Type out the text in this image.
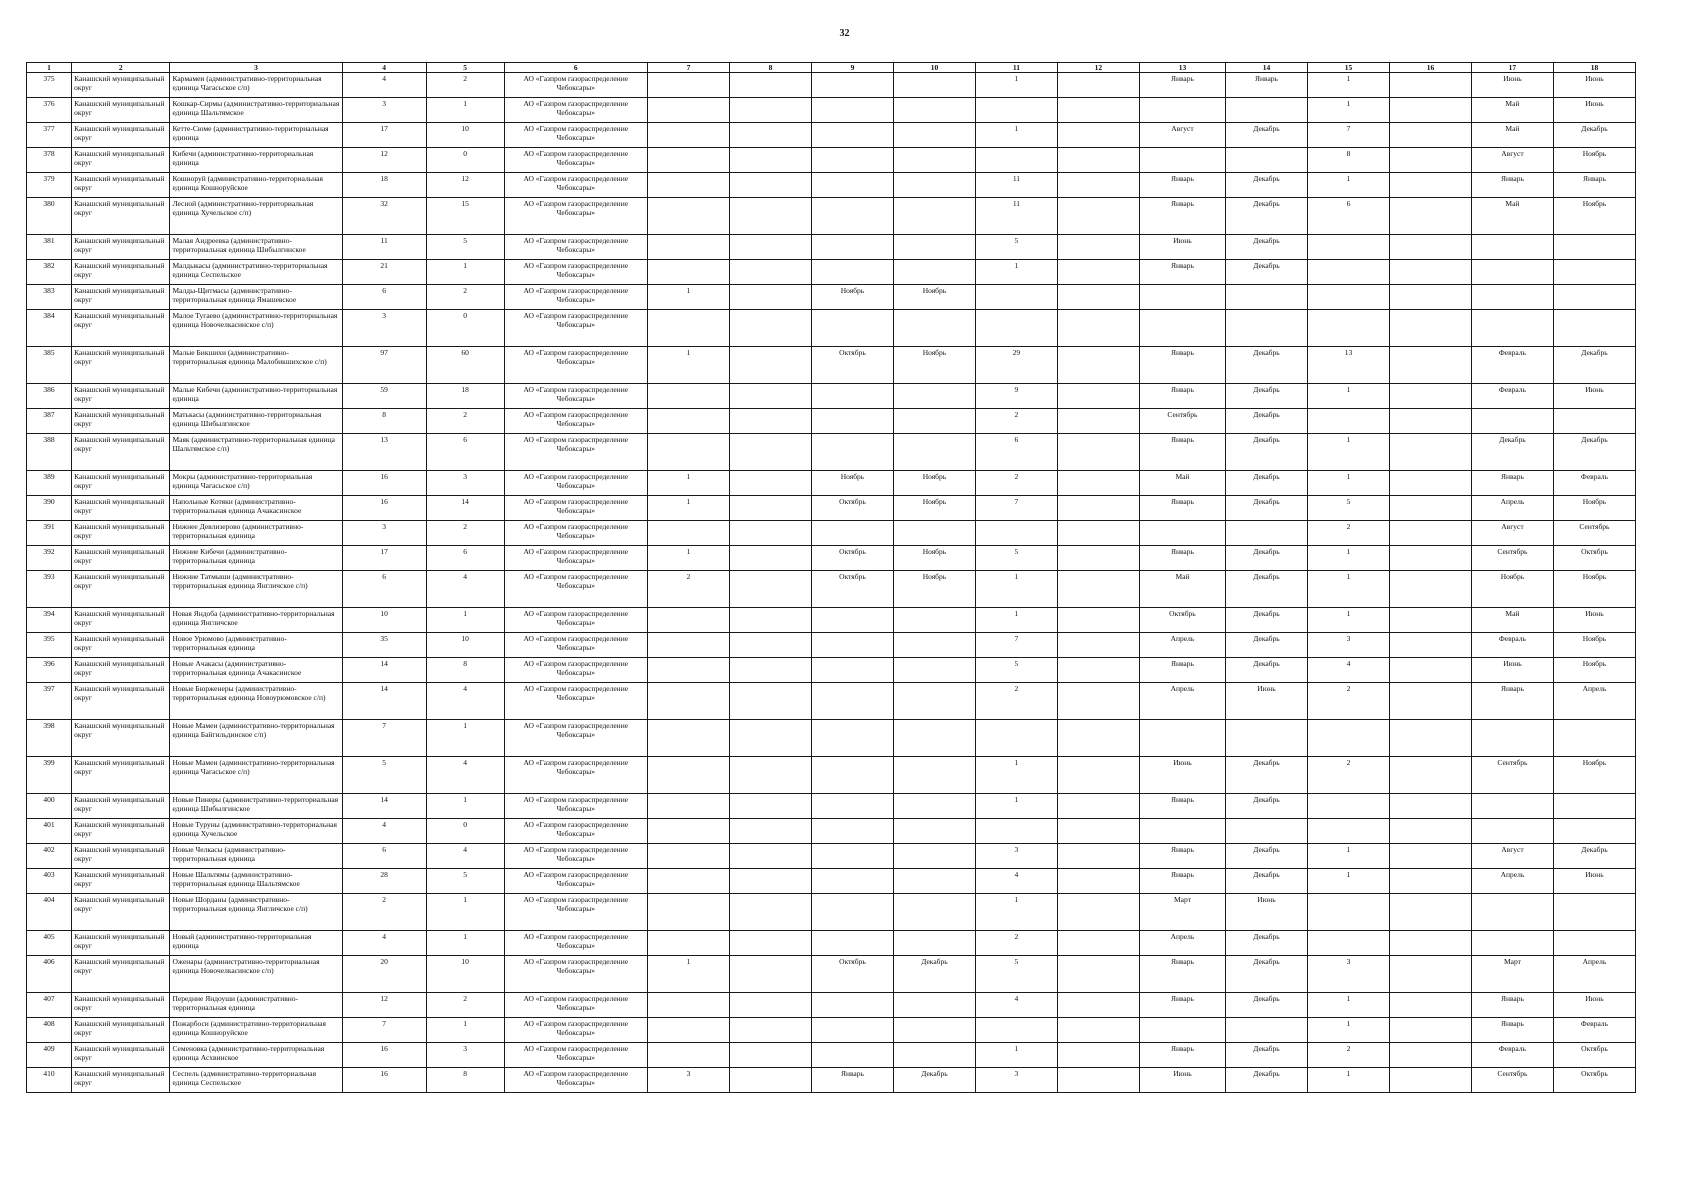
32
1	2	3	4	5	6	7	8	9	10	11	12	13	14	15	16	17	18
375	Канашский муниципальный округ	Кармамеи (административно-территориальная единица Чагасьское с/п)	4	2	АО «Газпром газораспределение Чебоксары»					1		Январь	Январь	1		Июнь	Июнь
376	Канашский муниципальный округ	Кошкар-Сирмы (административно-территориальная единица Шальтямское	3	1	АО «Газпром газораспределение Чебоксары»									1		Май	Июнь
377	Канашский муниципальный округ	Кетте-Сюме (административно-территориальная единица	17	10	АО «Газпром газораспределение Чебоксары»					1		Август	Декабрь	7		Май	Декабрь
378	Канашский муниципальный округ	Кибечи (административно-территориальная единица	12	0	АО «Газпром газораспределение Чебоксары»									8		Август	Ноябрь
379	Канашский муниципальный округ	Кошноруй (административно-территориальная единица Кошноруйское	18	12	АО «Газпром газораспределение Чебоксары»					11		Январь	Декабрь	1		Январь	Январь
380	Канашский муниципальный округ	Лесной (административно-территориальная единица Хучельское с/п)	32	15	АО «Газпром газораспределение Чебоксары»					11		Январь	Декабрь	6		Май	Ноябрь
381	Канашский муниципальный округ	Малая Андреевка (административно-территориальная единица Шибылгинское	11	5	АО «Газпром газораспределение Чебоксары»					5		Июнь	Декабрь				
382	Канашский муниципальный округ	Малдыкасы (административно-территориальная единица Сеспельское	21	1	АО «Газпром газораспределение Чебоксары»					1		Январь	Декабрь				
383	Канашский муниципальный округ	Малды-Щитмасы (административно-территориальная единица Ямашевское	6	2	АО «Газпром газораспределение Чебоксары»	1		Ноябрь	Ноябрь								
384	Канашский муниципальный округ	Малое Тугаево (административно-территориальная единица Новочелкасинское с/п)	3	0	АО «Газпром газораспределение Чебоксары»												
385	Канашский муниципальный округ	Малые Бикшихи (административно-территориальная единица Малобикшихское с/п)	97	60	АО «Газпром газораспределение Чебоксары»	1		Октябрь	Ноябрь	29		Январь	Декабрь	13		Февраль	Декабрь
386	Канашский муниципальный округ	Малые Кибечи (административно-территориальная единица	59	18	АО «Газпром газораспределение Чебоксары»					9		Январь	Декабрь	1		Февраль	Июнь
387	Канашский муниципальный округ	Матькасы (административно-территориальная единица Шибылгинское	8	2	АО «Газпром газораспределение Чебоксары»					2		Сентябрь	Декабрь				
388	Канашский муниципальный округ	Маяк (административно-территориальная единица Шальтямское с/п)	13	6	АО «Газпром газораспределение Чебоксары»					6		Январь	Декабрь	1		Декабрь	Декабрь
389	Канашский муниципальный округ	Мокры (административно-территориальная единица Чагасьское с/п)	16	3	АО «Газпром газораспределение Чебоксары»	1		Ноябрь	Ноябрь	2		Май	Декабрь	1		Январь	Февраль
390	Канашский муниципальный округ	Напольные Котяки (административно-территориальная единица Ачакасинское	16	14	АО «Газпром газораспределение Чебоксары»	1		Октябрь	Ноябрь	7		Январь	Декабрь	5		Апрель	Ноябрь
391	Канашский муниципальный округ	Нижнее Девлизерово (административно-территориальная единица	3	2	АО «Газпром газораспределение Чебоксары»									2		Август	Сентябрь
392	Канашский муниципальный округ	Нижние Кибечи (административно-территориальная единица	17	6	АО «Газпром газораспределение Чебоксары»	1		Октябрь	Ноябрь	5		Январь	Декабрь	1		Сентябрь	Октябрь
393	Канашский муниципальный округ	Нижние Татмыши (административно-территориальная единица Янгличское с/п)	6	4	АО «Газпром газораспределение Чебоксары»	2		Октябрь	Ноябрь	1		Май	Декабрь	1		Ноябрь	Ноябрь
394	Канашский муниципальный округ	Новая Яндоба (административно-территориальная единица Янгличское	10	1	АО «Газпром газораспределение Чебоксары»					1		Октябрь	Декабрь	1		Май	Июнь
395	Канашский муниципальный округ	Новое Урюмово (административно-территориальная единица	35	10	АО «Газпром газораспределение Чебоксары»					7		Апрель	Декабрь	3		Февраль	Ноябрь
396	Канашский муниципальный округ	Новые Ачакасы (административно-территориальная единица Ачакасинское	14	8	АО «Газпром газораспределение Чебоксары»					5		Январь	Декабрь	4		Июнь	Ноябрь
397	Канашский муниципальный округ	Новые Бюрженеры (административно-территориальная единица Новоурюмовское с/п)	14	4	АО «Газпром газораспределение Чебоксары»					2		Апрель	Июнь	2		Январь	Апрель
398	Канашский муниципальный округ	Новые Мамеи (административно-территориальная единица Байгильдинское с/п)	7	1	АО «Газпром газораспределение Чебоксары»												
399	Канашский муниципальный округ	Новые Мамеи (административно-территориальная единица Чагасьское с/п)	5	4	АО «Газпром газораспределение Чебоксары»					1		Июнь	Декабрь	2		Сентябрь	Ноябрь
400	Канашский муниципальный округ	Новые Пинеры (административно-территориальная единица Шибылгинское	14	1	АО «Газпром газораспределение Чебоксары»					1		Январь	Декабрь				
401	Канашский муниципальный округ	Новые Туруны (административно-территориальная единица Хучельское	4	0	АО «Газпром газораспределение Чебоксары»												
402	Канашский муниципальный округ	Новые Челкасы (административно-территориальная единица	6	4	АО «Газпром газораспределение Чебоксары»					3		Январь	Декабрь	1		Август	Декабрь
403	Канашский муниципальный округ	Новые Шальтямы (административно-территориальная единица Шальтямское	28	5	АО «Газпром газораспределение Чебоксары»					4		Январь	Декабрь	1		Апрель	Июнь
404	Канашский муниципальный округ	Новые Шорданы (административно-территориальная единица Янгличское с/п)	2	1	АО «Газпром газораспределение Чебоксары»					1		Март	Июнь				
405	Канашский муниципальный округ	Новый (административно-территориальная единица	4	1	АО «Газпром газораспределение Чебоксары»					2		Апрель	Декабрь				
406	Канашский муниципальный округ	Оженары (административно-территориальная единица Новочелкасинское с/п)	20	10	АО «Газпром газораспределение Чебоксары»	1		Октябрь	Декабрь	5		Январь	Декабрь	3		Март	Апрель
407	Канашский муниципальный округ	Передние Яндоуши (административно-территориальная единица	12	2	АО «Газпром газораспределение Чебоксары»					4		Январь	Декабрь	1		Январь	Июнь
408	Канашский муниципальный округ	Пожарбоси (административно-территориальная единица Кошноруйское	7	1	АО «Газпром газораспределение Чебоксары»									1		Январь	Февраль
409	Канашский муниципальный округ	Семеновка (административно-территориальная единица Асхвинское	16	3	АО «Газпром газораспределение Чебоксары»					1		Январь	Декабрь	2		Февраль	Октябрь
410	Канашский муниципальный округ	Сеспель (административно-территориальная единица Сеспельское	16	8	АО «Газпром газораспределение Чебоксары»	3		Январь	Декабрь	3		Июнь	Декабрь	1		Сентябрь	Октябрь
